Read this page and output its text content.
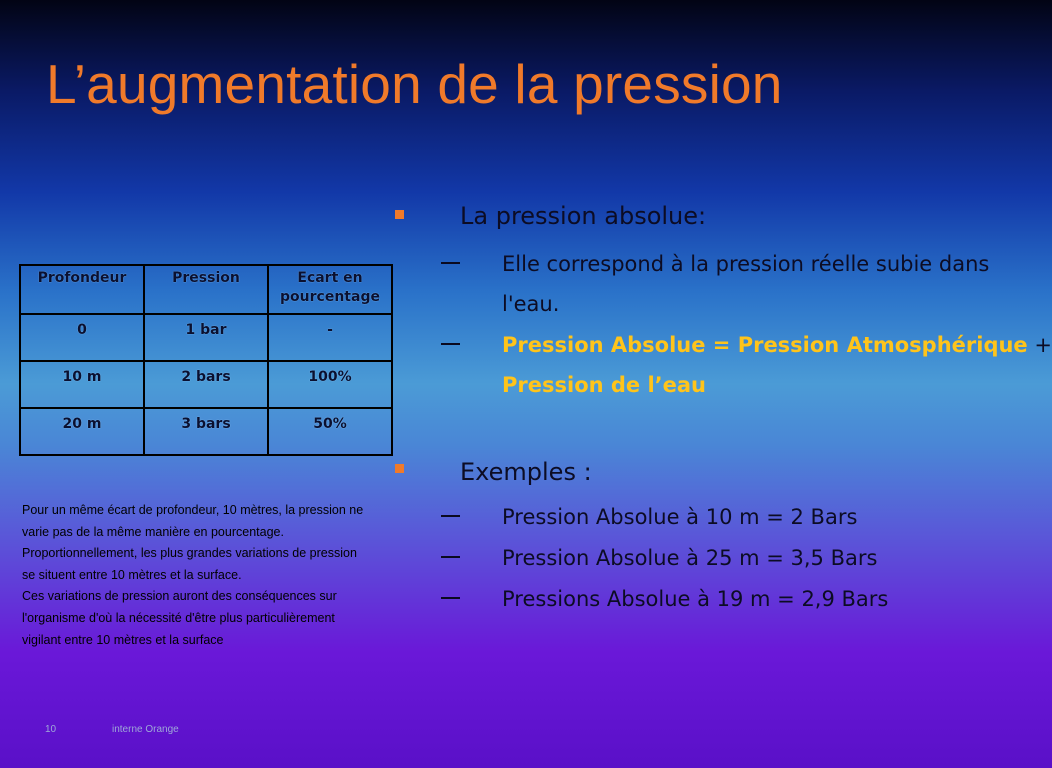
L’augmentation de la pression
Profondeur	Pression	Ecart en pourcentage
0	1 bar	-
10 m	2 bars	100%
20 m	3 bars	50%
Pour un même écart de profondeur, 10 mètres, la pression ne
varie pas de la même manière en pourcentage.
Proportionnellement, les plus grandes variations de pression
se situent entre 10 mètres et la surface.
Ces variations de pression auront des conséquences sur
l'organisme d'où la nécessité d'être plus particulièrement
vigilant entre 10 mètres et la surface
La pression absolue:
Elle correspond à la pression réelle subie dans
l'eau.
Pression Absolue = Pression Atmosphérique +
Pression de l’eau
Exemples :
Pression Absolue à 10 m = 2 Bars
Pression Absolue à 25 m = 3,5 Bars
Pressions Absolue à 19 m = 2,9 Bars
10	interne Orange
